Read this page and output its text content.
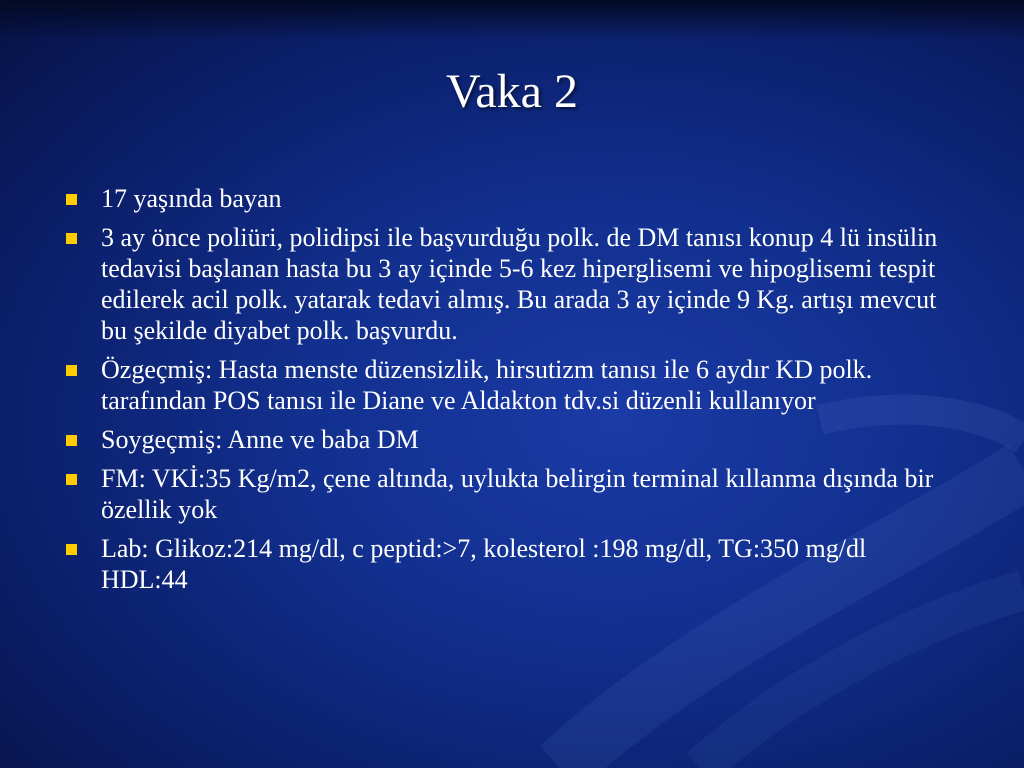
Vaka 2
17 yaşında bayan
3 ay önce poliüri, polidipsi ile başvurduğu polk. de DM tanısı konup 4 lü insülin tedavisi başlanan hasta bu 3 ay içinde 5-6 kez hiperglisemi ve hipoglisemi tespit edilerek acil polk. yatarak tedavi almış. Bu arada 3 ay içinde 9 Kg. artışı mevcut bu şekilde diyabet polk. başvurdu.
Özgeçmiş: Hasta menste düzensizlik, hirsutizm tanısı ile 6 aydır KD polk. tarafından POS tanısı ile Diane ve Aldakton tdv.si düzenli kullanıyor
Soygeçmiş: Anne ve baba DM
FM: VKİ:35 Kg/m2, çene altında, uylukta belirgin terminal kıllanma dışında bir özellik yok
Lab: Glikoz:214 mg/dl, c peptid:>7, kolesterol :198 mg/dl, TG:350 mg/dl HDL:44
